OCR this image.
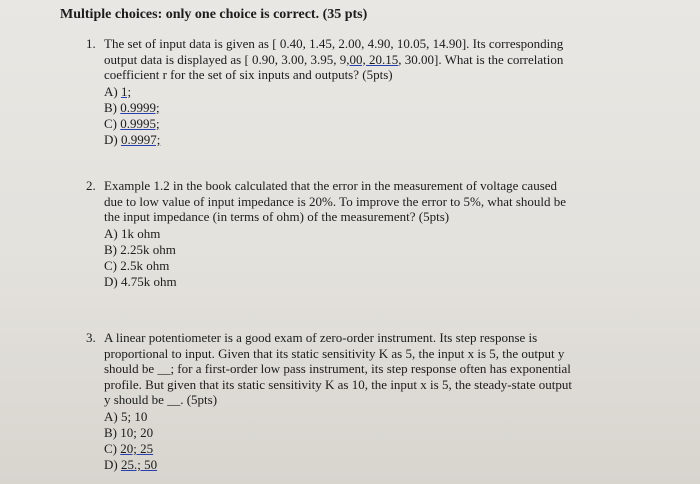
Multiple choices: only one choice is correct. (35 pts)
1. The set of input data is given as [ 0.40, 1.45, 2.00, 4.90, 10.05, 14.90]. Its corresponding
output data is displayed as [ 0.90, 3.00, 3.95, 9,00, 20.15, 30.00]. What is the correlation
coefficient r for the set of six inputs and outputs? (5pts)
A) 1;
B) 0.9999;
C) 0.9995;
D) 0.9997;
2. Example 1.2 in the book calculated that the error in the measurement of voltage caused
due to low value of input impedance is 20%. To improve the error to 5%, what should be
the input impedance (in terms of ohm) of the measurement? (5pts)
A) 1k ohm
B) 2.25k ohm
C) 2.5k ohm
D) 4.75k ohm
3. A linear potentiometer is a good exam of zero-order instrument. Its step response is
proportional to input. Given that its static sensitivity K as 5, the input x is 5, the output y
should be __; for a first-order low pass instrument, its step response often has exponential
profile. But given that its static sensitivity K as 10, the input x is 5, the steady-state output
y should be __. (5pts)
A) 5; 10
B) 10; 20
C) 20; 25
D) 25.; 50
